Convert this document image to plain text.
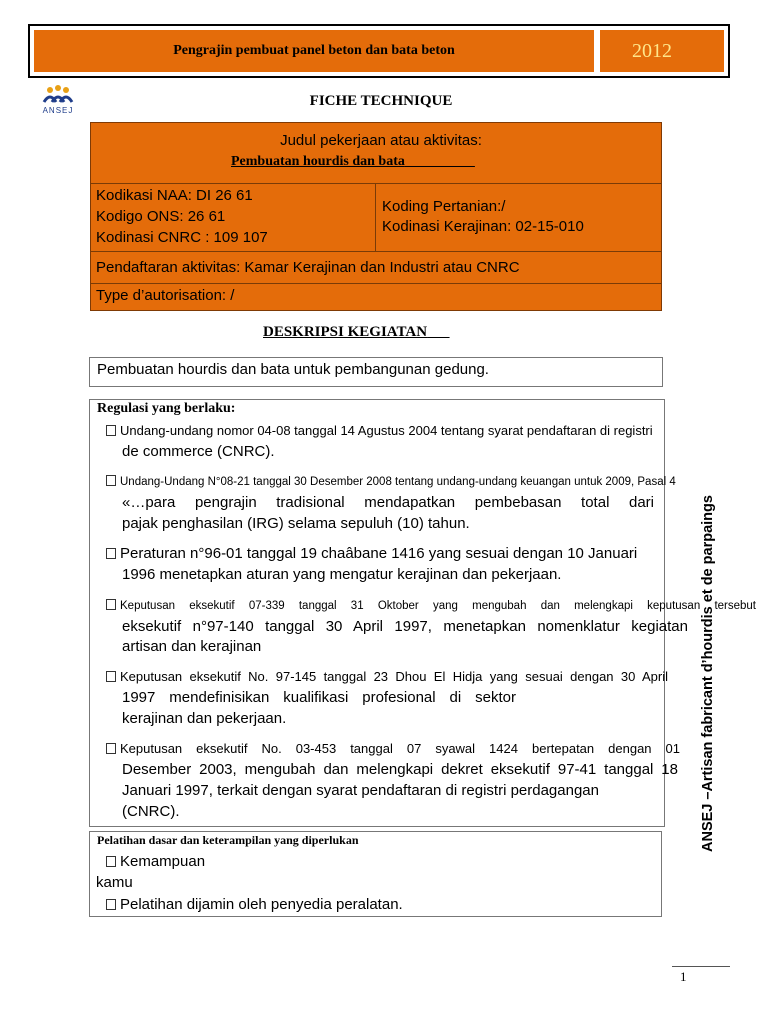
Pengrajin pembuat panel beton dan bata beton	2012
ANSEJ
FICHE TECHNIQUE
Judul pekerjaan atau aktivitas:
Pembuatan hourdis dan bata
Kodikasi NAA: DI 26 61
Kodigo ONS: 26 61
Kodinasi CNRC : 109 107
Koding Pertanian:/
Kodinasi Kerajinan: 02-15-010
Pendaftaran aktivitas: Kamar Kerajinan dan Industri atau CNRC
Type d’autorisation: /
DESKRIPSI KEGIATAN
Pembuatan hourdis dan bata untuk pembangunan gedung.
Regulasi yang berlaku:
Undang-undang nomor 04-08 tanggal 14 Agustus 2004 tentang syarat pendaftaran di registri
de commerce (CNRC).
Undang-Undang N°08-21 tanggal 30 Desember 2008 tentang undang-undang keuangan untuk 2009, Pasal 4
«…para pengrajin tradisional mendapatkan pembebasan total dari
pajak penghasilan (IRG) selama sepuluh (10) tahun.
Peraturan n°96-01 tanggal 19 chaâbane 1416 yang sesuai dengan 10 Januari
1996 menetapkan aturan yang mengatur kerajinan dan pekerjaan.
Keputusan eksekutif 07-339 tanggal 31 Oktober yang mengubah dan melengkapi keputusan tersebut
eksekutif n°97-140 tanggal 30 April 1997, menetapkan nomenklatur kegiatan
artisan dan kerajinan
Keputusan eksekutif No. 97-145 tanggal 23 Dhou El Hidja yang sesuai dengan 30 April
1997 mendefinisikan kualifikasi profesional di sektor
kerajinan dan pekerjaan.
Keputusan eksekutif No. 03-453 tanggal 07 syawal 1424 bertepatan dengan 01
Desember 2003, mengubah dan melengkapi dekret eksekutif 97-41 tanggal 18
Januari 1997, terkait dengan syarat pendaftaran di registri perdagangan
(CNRC).	ANSEJ –Artisan fabricant d’hourdis et de parpaings
Pelatihan dasar dan keterampilan yang diperlukan
Kemampuan
kamu
Pelatihan dijamin oleh penyedia peralatan.
1
